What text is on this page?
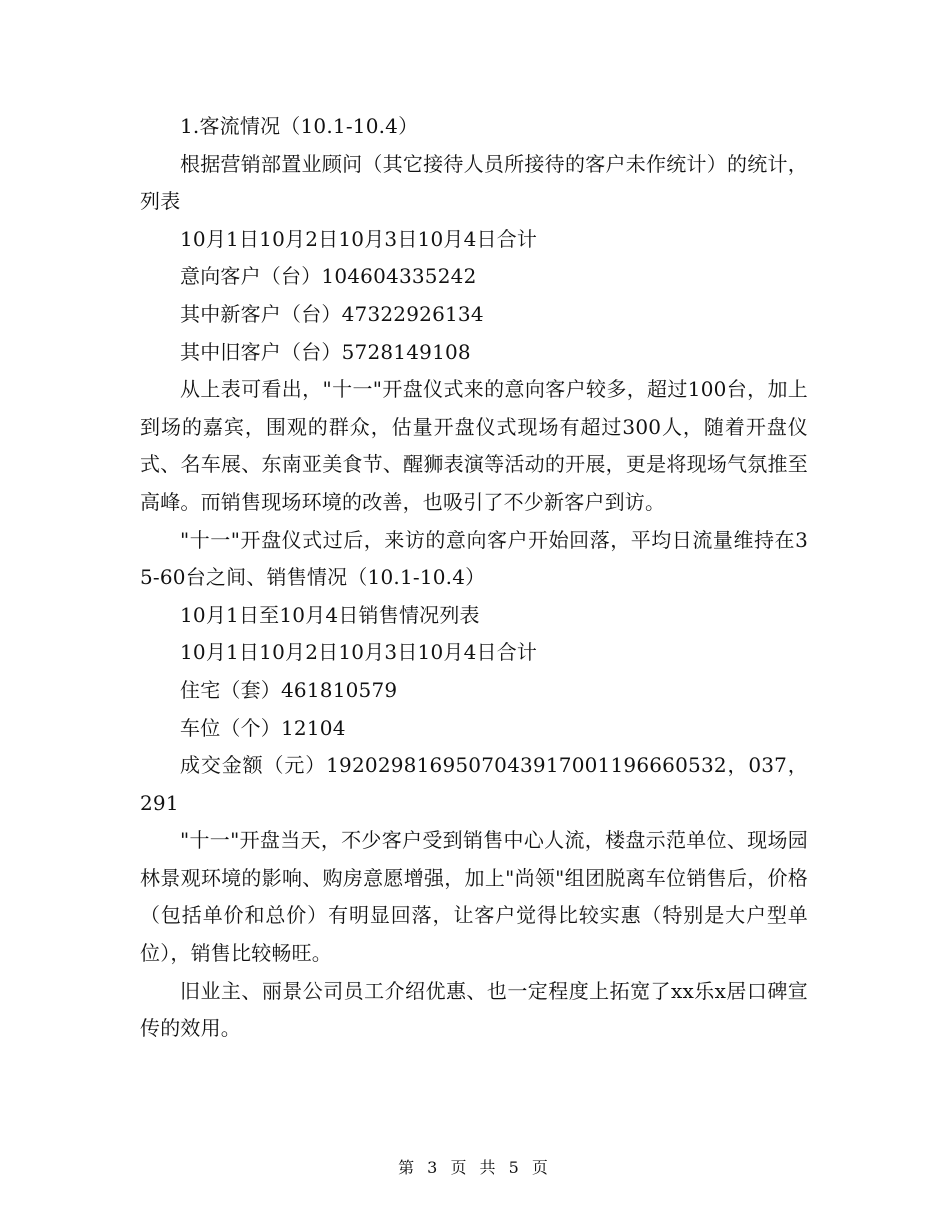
1.客流情况（10.1-10.4）

根据营销部置业顾问（其它接待人员所接待的客户未作统计）的统计，列表

10月1日10月2日10月3日10月4日合计

意向客户（台）104604335242

其中新客户（台）47322926134

其中旧客户（台）5728149108

从上表可看出，"十一"开盘仪式来的意向客户较多，超过100台，加上到场的嘉宾，围观的群众，估量开盘仪式现场有超过300人，随着开盘仪式、名车展、东南亚美食节、醒狮表演等活动的开展，更是将现场气氛推至高峰。而销售现场环境的改善，也吸引了不少新客户到访。

"十一"开盘仪式过后，来访的意向客户开始回落，平均日流量维持在35-60台之间、销售情况（10.1-10.4）

10月1日至10月4日销售情况列表

10月1日10月2日10月3日10月4日合计

住宅（套）461810579

车位（个）12104

成交金额（元）19202981695070439170011966605​32，037，291

"十一"开盘当天，不少客户受到销售中心人流，楼盘示范单位、现场园林景观环境的影响、购房意愿增强，加上"尚领"组团脱离车位销售后，价格（包括单价和总价）有明显回落，让客户觉得比较实惠（特别是大户型单位），销售比较畅旺。

旧业主、丽景公司员工介绍优惠、也一定程度上拓宽了xx乐x居口碑宣传的效用。

第 3 页 共 5 页
